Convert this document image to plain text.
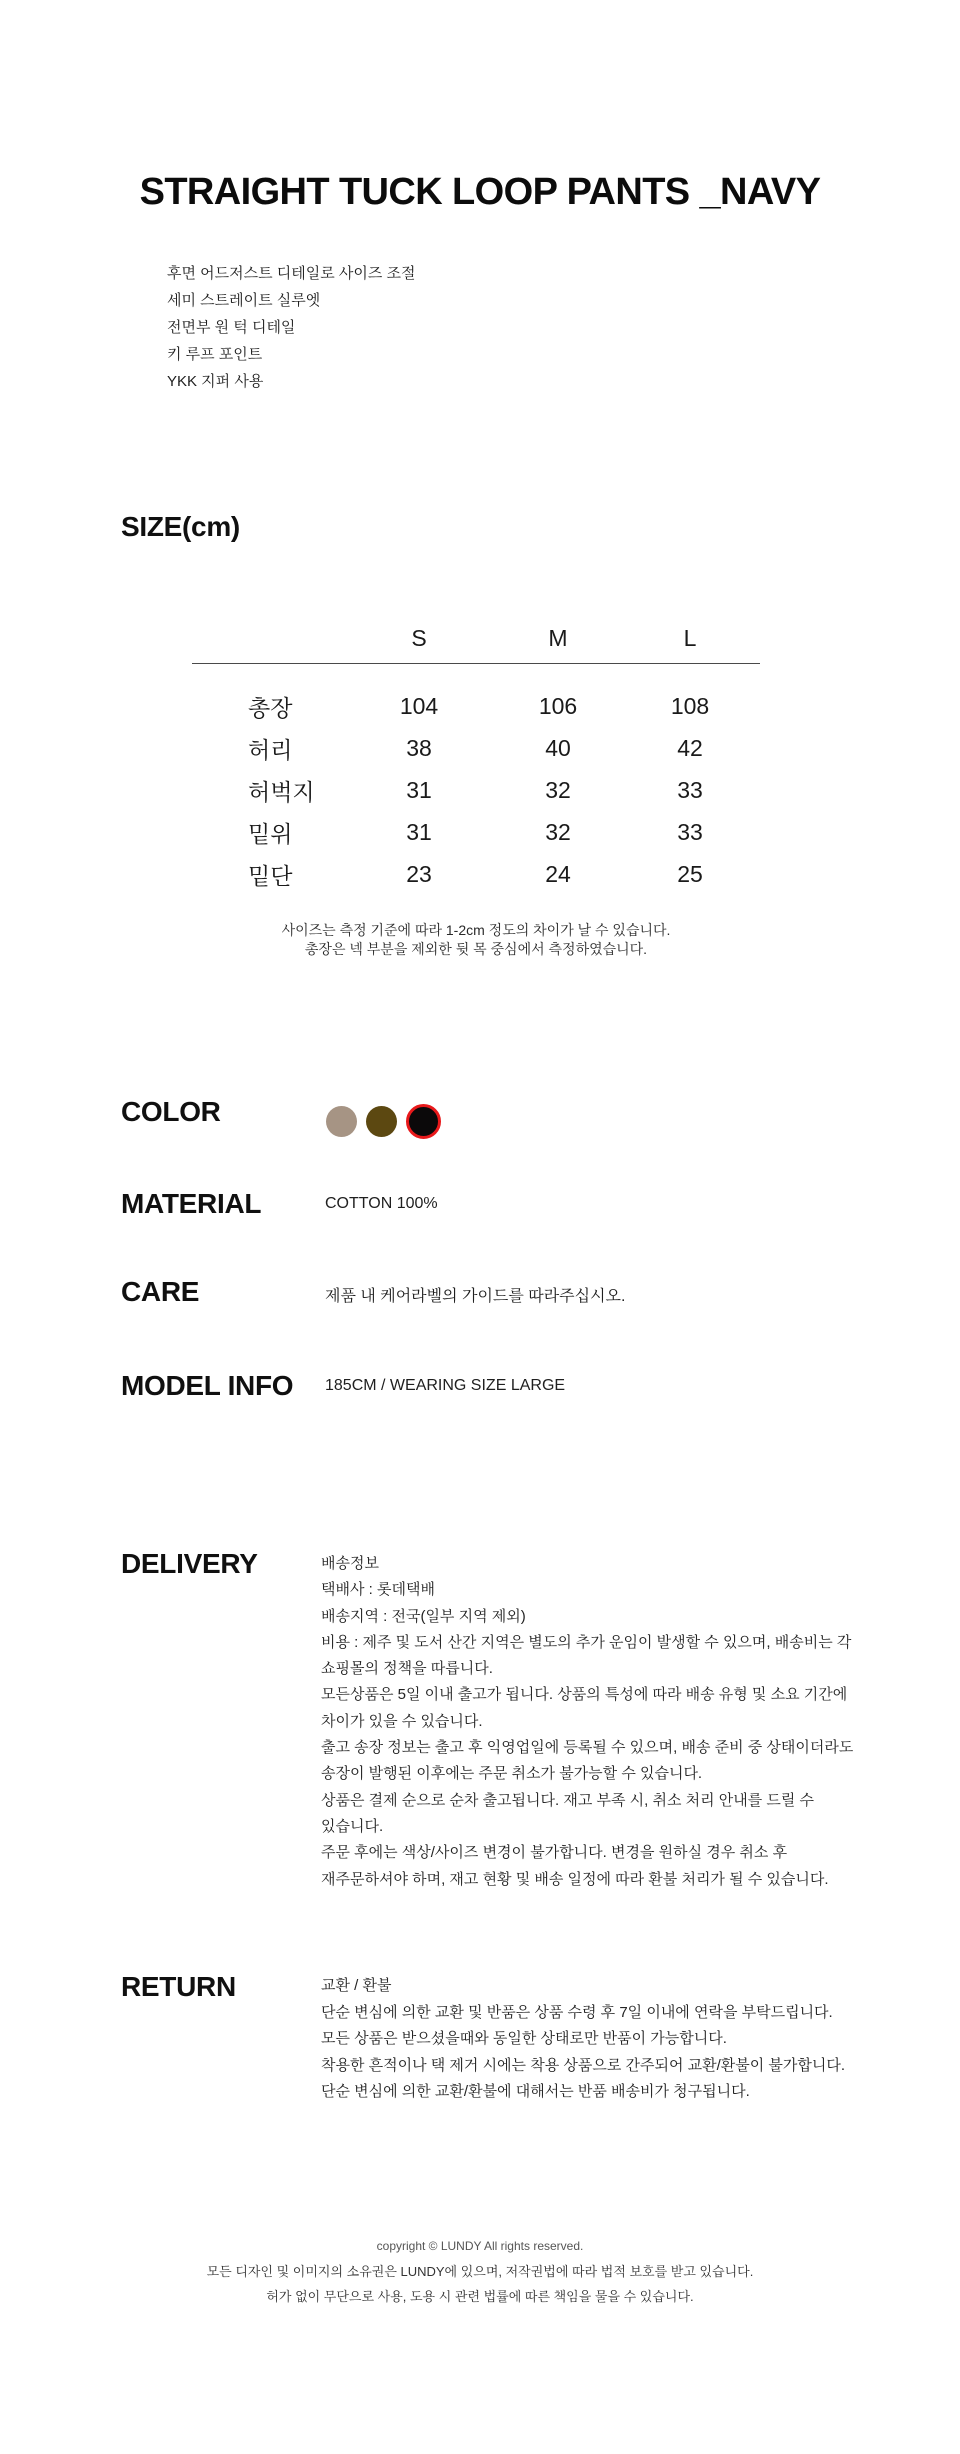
STRAIGHT TUCK LOOP PANTS _NAVY
후면 어드저스트 디테일로 사이즈 조절
세미 스트레이트 실루엣
전면부 원 턱 디테일
키 루프 포인트
YKK 지퍼 사용
SIZE(cm)
S	M	L
총장	104	106	108
허리	38	40	42
허벅지	31	32	33
밑위	31	32	33
밑단	23	24	25
사이즈는 측정 기준에 따라 1-2cm 정도의 차이가 날 수 있습니다.
총장은 넥 부분을 제외한 뒷 목 중심에서 측정하였습니다.
COLOR
MATERIAL	COTTON 100%
CARE	제품 내 케어라벨의 가이드를 따라주십시오.
MODEL INFO 185CM / WEARING SIZE LARGE
DELIVERY	배송정보
택배사 : 롯데택배
배송지역 : 전국(일부 지역 제외)
비용 : 제주 및 도서 산간 지역은 별도의 추가 운임이 발생할 수 있으며, 배송비는 각
쇼핑몰의 정책을 따릅니다.
모든상품은 5일 이내 출고가 됩니다. 상품의 특성에 따라 배송 유형 및 소요 기간에
차이가 있을 수 있습니다.
출고 송장 정보는 출고 후 익영업일에 등록될 수 있으며, 배송 준비 중 상태이더라도
송장이 발행된 이후에는 주문 취소가 불가능할 수 있습니다.
상품은 결제 순으로 순차 출고됩니다. 재고 부족 시, 취소 처리 안내를 드릴 수
있습니다.
주문 후에는 색상/사이즈 변경이 불가합니다. 변경을 원하실 경우 취소 후
재주문하셔야 하며, 재고 현황 및 배송 일정에 따라 환불 처리가 될 수 있습니다.
RETURN	교환 / 환불
단순 변심에 의한 교환 및 반품은 상품 수령 후 7일 이내에 연락을 부탁드립니다.
모든 상품은 받으셨을때와 동일한 상태로만 반품이 가능합니다.
착용한 흔적이나 택 제거 시에는 착용 상품으로 간주되어 교환/환불이 불가합니다.
단순 변심에 의한 교환/환불에 대해서는 반품 배송비가 청구됩니다.
copyright © LUNDY All rights reserved.
모든 디자인 및 이미지의 소유권은 LUNDY에 있으며, 저작권법에 따라 법적 보호를 받고 있습니다.
허가 없이 무단으로 사용, 도용 시 관련 법률에 따른 책임을 물을 수 있습니다.
